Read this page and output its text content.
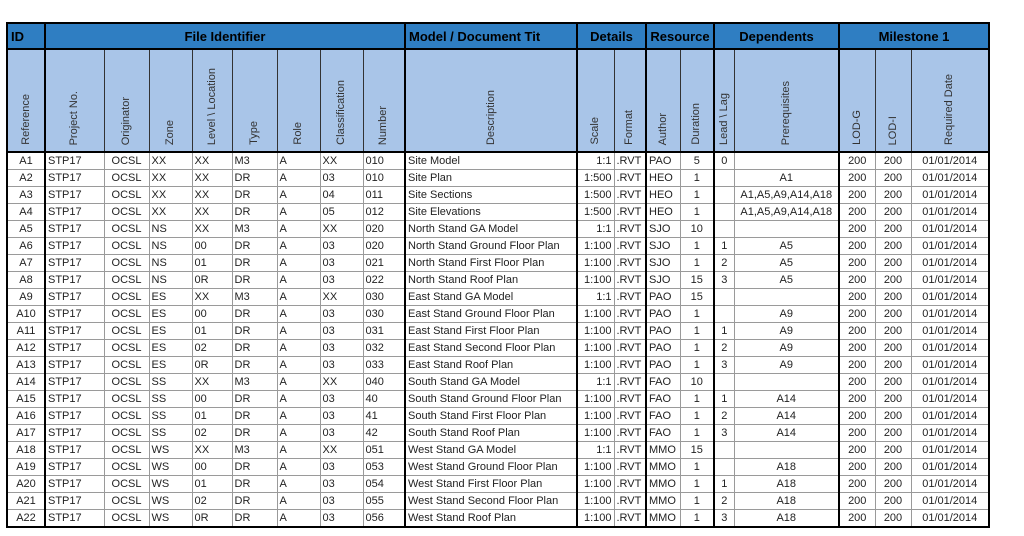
ID	File Identifier								Model / Document Tit	Details		Resource		Dependents		Milestone 1		
Reference	Project No.	Originator	Zone	Level \ Location	Type	Role	Classification	Number	Description	Scale	Format	Author	Duration	Lead \ Lag	Prerequisites	LOD-G	LOD-I	Required Date
A1	STP17	OCSL	XX	XX	M3	A	XX	010	Site Model	1:1	.RVT	PAO	5	0		200	200	01/01/2014
A2	STP17	OCSL	XX	XX	DR	A	03	010	Site Plan	1:500	.RVT	HEO	1		A1	200	200	01/01/2014
A3	STP17	OCSL	XX	XX	DR	A	04	011	Site Sections	1:500	.RVT	HEO	1		A1,A5,A9,A14,A18	200	200	01/01/2014
A4	STP17	OCSL	XX	XX	DR	A	05	012	Site Elevations	1:500	.RVT	HEO	1		A1,A5,A9,A14,A18	200	200	01/01/2014
A5	STP17	OCSL	NS	XX	M3	A	XX	020	North Stand GA Model	1:1	.RVT	SJO	10			200	200	01/01/2014
A6	STP17	OCSL	NS	00	DR	A	03	020	North Stand Ground Floor Plan	1:100	.RVT	SJO	1	1	A5	200	200	01/01/2014
A7	STP17	OCSL	NS	01	DR	A	03	021	North Stand First Floor Plan	1:100	.RVT	SJO	1	2	A5	200	200	01/01/2014
A8	STP17	OCSL	NS	0R	DR	A	03	022	North Stand Roof Plan	1:100	.RVT	SJO	15	3	A5	200	200	01/01/2014
A9	STP17	OCSL	ES	XX	M3	A	XX	030	East Stand GA Model	1:1	.RVT	PAO	15			200	200	01/01/2014
A10	STP17	OCSL	ES	00	DR	A	03	030	East Stand Ground Floor Plan	1:100	.RVT	PAO	1		A9	200	200	01/01/2014
A11	STP17	OCSL	ES	01	DR	A	03	031	East Stand First Floor Plan	1:100	.RVT	PAO	1	1	A9	200	200	01/01/2014
A12	STP17	OCSL	ES	02	DR	A	03	032	East Stand Second Floor Plan	1:100	.RVT	PAO	1	2	A9	200	200	01/01/2014
A13	STP17	OCSL	ES	0R	DR	A	03	033	East Stand Roof Plan	1:100	.RVT	PAO	1	3	A9	200	200	01/01/2014
A14	STP17	OCSL	SS	XX	M3	A	XX	040	South Stand GA Model	1:1	.RVT	FAO	10			200	200	01/01/2014
A15	STP17	OCSL	SS	00	DR	A	03	40	South Stand Ground Floor Plan	1:100	.RVT	FAO	1	1	A14	200	200	01/01/2014
A16	STP17	OCSL	SS	01	DR	A	03	41	South Stand First Floor Plan	1:100	.RVT	FAO	1	2	A14	200	200	01/01/2014
A17	STP17	OCSL	SS	02	DR	A	03	42	South Stand Roof Plan	1:100	.RVT	FAO	1	3	A14	200	200	01/01/2014
A18	STP17	OCSL	WS	XX	M3	A	XX	051	West Stand GA Model	1:1	.RVT	MMO	15			200	200	01/01/2014
A19	STP17	OCSL	WS	00	DR	A	03	053	West Stand Ground Floor Plan	1:100	.RVT	MMO	1		A18	200	200	01/01/2014
A20	STP17	OCSL	WS	01	DR	A	03	054	West Stand First Floor Plan	1:100	.RVT	MMO	1	1	A18	200	200	01/01/2014
A21	STP17	OCSL	WS	02	DR	A	03	055	West Stand Second Floor Plan	1:100	.RVT	MMO	1	2	A18	200	200	01/01/2014
A22	STP17	OCSL	WS	0R	DR	A	03	056	West Stand Roof Plan	1:100	.RVT	MMO	1	3	A18	200	200	01/01/2014
